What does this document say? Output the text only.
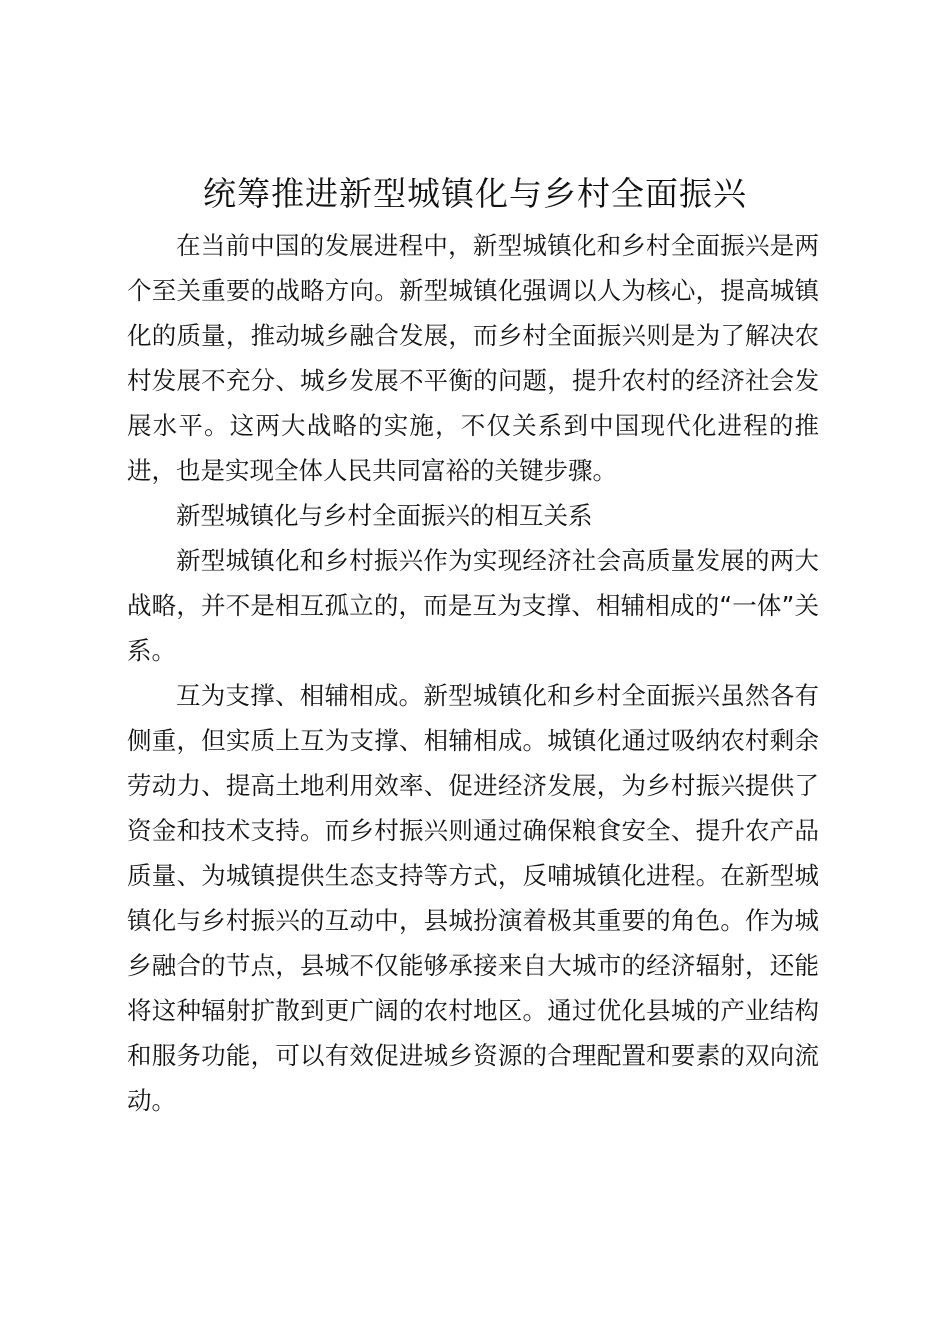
统筹推进新型城镇化与乡村全面振兴

在当前中国的发展进程中，新型城镇化和乡村全面振兴是两个至关重要的战略方向。新型城镇化强调以人为核心，提高城镇化的质量，推动城乡融合发展，而乡村全面振兴则是为了解决农村发展不充分、城乡发展不平衡的问题，提升农村的经济社会发展水平。这两大战略的实施，不仅关系到中国现代化进程的推进，也是实现全体人民共同富裕的关键步骤。

新型城镇化与乡村全面振兴的相互关系

新型城镇化和乡村振兴作为实现经济社会高质量发展的两大战略，并不是相互孤立的，而是互为支撑、相辅相成的“一体”关系。

互为支撑、相辅相成。新型城镇化和乡村全面振兴虽然各有侧重，但实质上互为支撑、相辅相成。城镇化通过吸纳农村剩余劳动力、提高土地利用效率、促进经济发展，为乡村振兴提供了资金和技术支持。而乡村振兴则通过确保粮食安全、提升农产品质量、为城镇提供生态支持等方式，反哺城镇化进程。在新型城镇化与乡村振兴的互动中，县城扮演着极其重要的角色。作为城乡融合的节点，县城不仅能够承接来自大城市的经济辐射，还能将这种辐射扩散到更广阔的农村地区。通过优化县城的产业结构和服务功能，可以有效促进城乡资源的合理配置和要素的双向流动。
